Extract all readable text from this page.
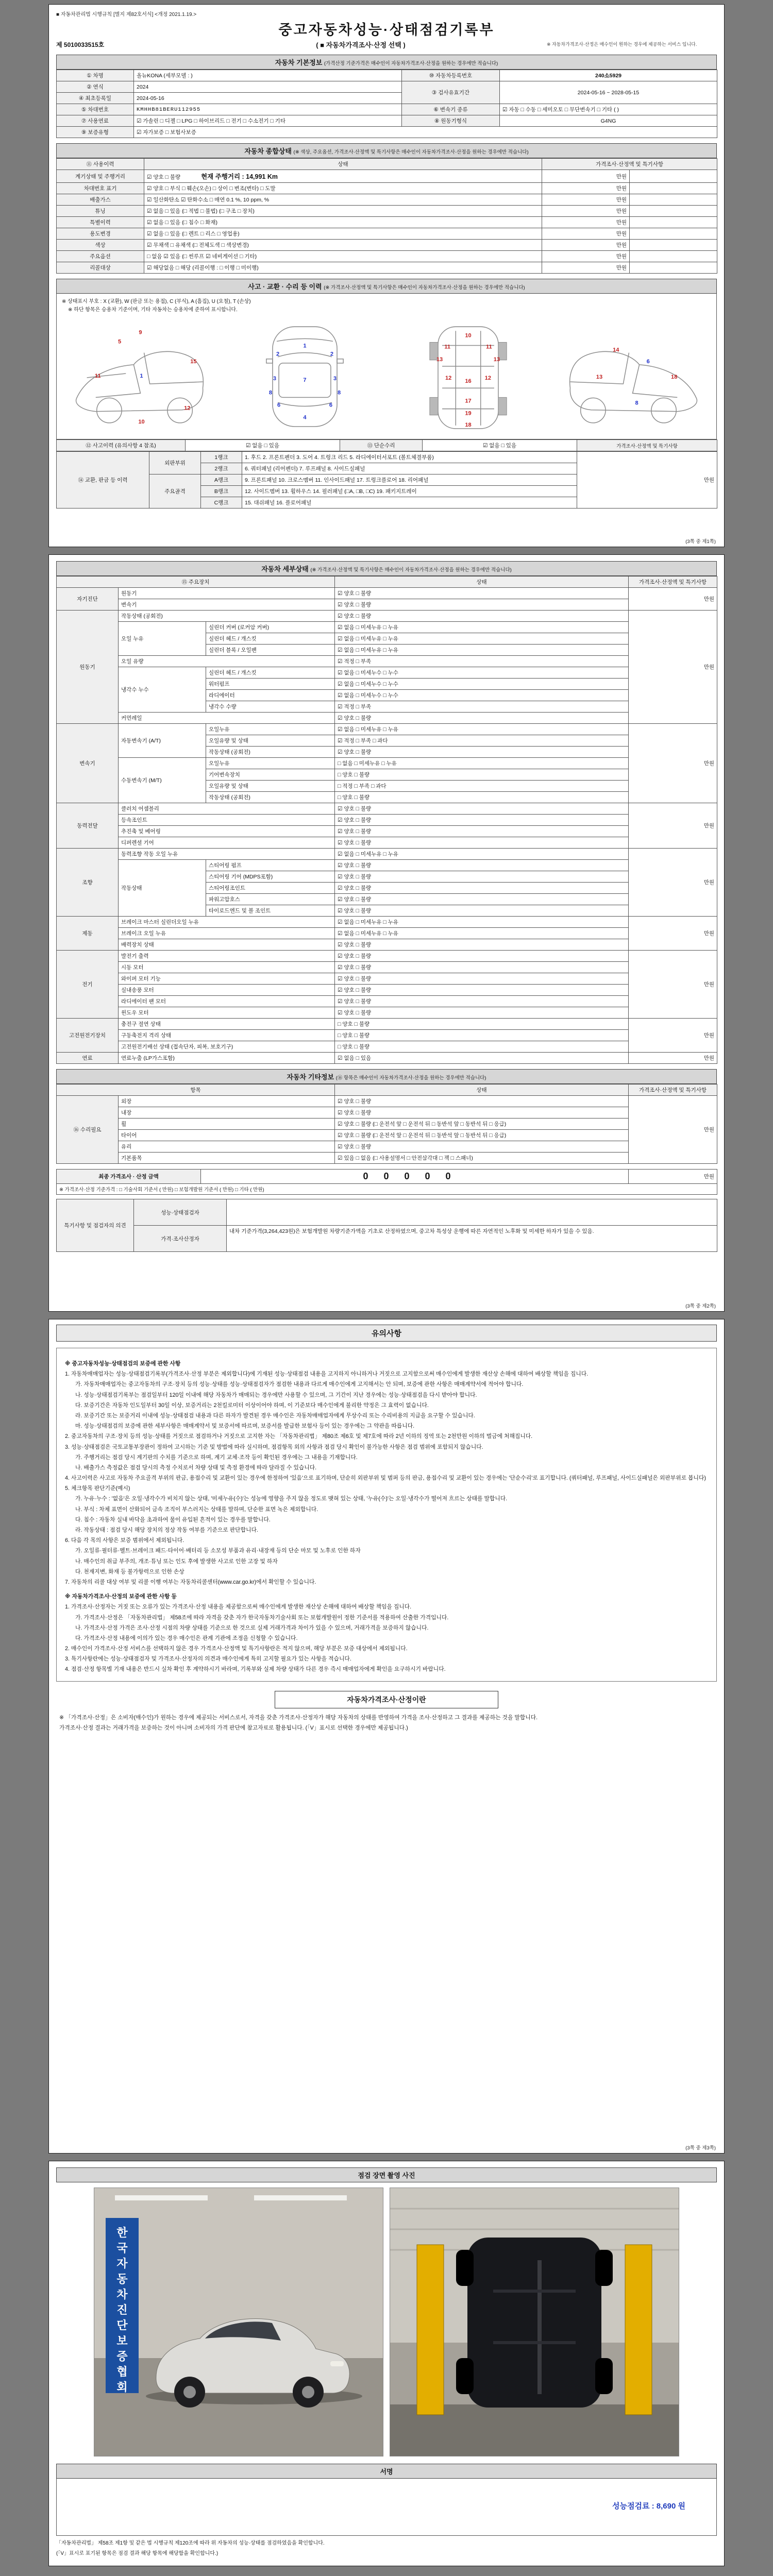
■ 자동차관리법 시행규칙 [별지 제82호서식] <개정 2021.1.19.>
중고자동차성능·상태점검기록부
제 5010033515호	( ■ 자동차가격조사·산정 선택 )	※ 자동차가격조사·산정은 매수인이 원하는 경우에 제공하는 서비스 입니다.
자동차 기본정보 (가격산정 기준가격은 매수인이 자동차가격조사·산정을 원하는 경우에만 적습니다)
① 차명	올뉴KONA (세부모델 : )	⑩ 자동차등록번호	240소5929
② 연식	2024	③ 검사유효기간	2024-05-16 ~ 2028-05-15
④ 최초등록일	2024-05-16		
⑤ 차대번호	KMHHB81BERU112955	⑥ 변속기 종류	☑ 자동 □ 수동 □ 세미오토 □ 무단변속기 □ 기타 ( )
⑦ 사용연료	☑ 가솔린 □ 디젤 □ LPG □ 하이브리드 □ 전기 □ 수소전기 □ 기타	⑧ 원동기형식	G4NG
⑨ 보증유형	☑ 자가보증 □ 보험사보증		
자동차 종합상태 (※ 색상, 주요옵션, 가격조사·산정액 및 특기사항은 매수인이 자동차가격조사·산정을 원하는 경우에만 적습니다)
⑪ 사용이력	상태	가격조사·산정액 및 특기사항	
계기상태 및 주행거리	☑ 양호 □ 불량 현재 주행거리 : 14,991 Km	만원	
차대번호 표기	☑ 양호 □ 부식 □ 훼손(오손) □ 상이 □ 변조(변타) □ 도말	만원	
배출가스	☑ 일산화탄소 ☑ 탄화수소 □ 매연 0.1 %, 10 ppm, %	만원	
튜닝	☑ 없음 □ 있음 (□ 적법 □ 불법) (□ 구조 □ 장치)	만원	
특별이력	☑ 없음 □ 있음 (□ 침수 □ 화재)	만원	
용도변경	☑ 없음 □ 있음 (□ 렌트 □ 리스 □ 영업용)	만원	
색상	☑ 무채색 □ 유채색 (□ 전체도색 □ 색상변경)	만원	
주요옵션	□ 없음 ☑ 있음 (□ 썬루프 ☑ 네비게이션 □ 기타)	만원	
리콜대상	☑ 해당없음 □ 해당 (리콜이행 : □ 이행 □ 미이행)	만원	
사고 · 교환 · 수리 등 이력 (※ 가격조사·산정액 및 특기사항은 매수인이 자동차가격조사·산정을 원하는 경우에만 적습니다)
※ 상태표시 부호 : X (교환), W (판금 또는 용접), C (부식), A (흠집), U (요철), T (손상)
※ 하단 항목은 승용차 기준이며, 기타 자동차는 승용차에 준하여 표시합니다.
9
5
11	1
15
10
12
1
2	2
3	3
7
8	8
6	6
4
10
11	11
13	13
12	12
16
17
19
18
14
13
6
18
8
⑫ 사고이력 (유의사항 4 참조)	☑ 없음 □ 있음	⑬ 단순수리	☑ 없음 □ 있음	가격조사·산정액 및 특기사항
⑭ 교환, 판금 등 이력	외판부위	1랭크	1. 후드 2. 프론트펜더 3. 도어 4. 트렁크 리드 5. 라디에이터서포트 (볼트체결부품)	만원
		2랭크	6. 쿼터패널 (리어펜더) 7. 루프패널 8. 사이드실패널	
	주요골격	A랭크	9. 프론트패널 10. 크로스멤버 11. 인사이드패널 17. 트렁크플로어 18. 리어패널	
		B랭크	12. 사이드멤버 13. 휠하우스 14. 필러패널 (□A, □B, □C) 19. 패키지트레이	
		C랭크	15. 대쉬패널 16. 플로어패널	
(3쪽 중 제1쪽)
자동차 세부상태 (※ 가격조사·산정액 및 특기사항은 매수인이 자동차가격조사·산정을 원하는 경우에만 적습니다)
⑮ 주요장치			상태	가격조사·산정액 및 특기사항
자기진단	원동기		☑ 양호 □ 불량	만원
	변속기		☑ 양호 □ 불량	
원동기	작동상태 (공회전)		☑ 양호 □ 불량	만원
	오일 누유	실린더 커버 (로커암 커버)	☑ 없음 □ 미세누유 □ 누유	
		실린더 헤드 / 개스킷	☑ 없음 □ 미세누유 □ 누유	
		실린더 블록 / 오일팬	☑ 없음 □ 미세누유 □ 누유	
	오일 유량		☑ 적정 □ 부족	
	냉각수 누수	실린더 헤드 / 개스킷	☑ 없음 □ 미세누수 □ 누수	
		워터펌프	☑ 없음 □ 미세누수 □ 누수	
		라디에이터	☑ 없음 □ 미세누수 □ 누수	
		냉각수 수량	☑ 적정 □ 부족	
	커먼레일		☑ 양호 □ 불량	
변속기	자동변속기 (A/T)	오일누유	☑ 없음 □ 미세누유 □ 누유	만원
		오일유량 및 상태	☑ 적정 □ 부족 □ 과다	
		작동상태 (공회전)	☑ 양호 □ 불량	
	수동변속기 (M/T)	오일누유	□ 없음 □ 미세누유 □ 누유	
		기어변속장치	□ 양호 □ 불량	
		오일유량 및 상태	□ 적정 □ 부족 □ 과다	
		작동상태 (공회전)	□ 양호 □ 불량	
동력전달	클러치 어셈블리		☑ 양호 □ 불량	만원
	등속조인트		☑ 양호 □ 불량	
	추진축 및 베어링		☑ 양호 □ 불량	
	디퍼렌셜 기어		☑ 양호 □ 불량	
조향	동력조향 작동 오일 누유		☑ 없음 □ 미세누유 □ 누유	만원
	작동상태	스티어링 펌프	☑ 양호 □ 불량	
		스티어링 기어 (MDPS포함)	☑ 양호 □ 불량	
		스티어링조인트	☑ 양호 □ 불량	
		파워고압호스	☑ 양호 □ 불량	
		타이로드엔드 및 볼 조인트	☑ 양호 □ 불량	
제동	브레이크 마스터 실린더오일 누유		☑ 없음 □ 미세누유 □ 누유	만원
	브레이크 오일 누유		☑ 없음 □ 미세누유 □ 누유	
	배력장치 상태		☑ 양호 □ 불량	
전기	발전기 출력		☑ 양호 □ 불량	만원
	시동 모터		☑ 양호 □ 불량	
	와이퍼 모터 기능		☑ 양호 □ 불량	
	실내송풍 모터		☑ 양호 □ 불량	
	라디에이터 팬 모터		☑ 양호 □ 불량	
	윈도우 모터		☑ 양호 □ 불량	
고전원전기장치	충전구 절연 상태		□ 양호 □ 불량	만원
	구동축전지 격리 상태		□ 양호 □ 불량	
	고전원전기배선 상태 (접속단자, 피복, 보호기구)		□ 양호 □ 불량	
연료	연료누출 (LP가스포함)		☑ 없음 □ 있음	만원
자동차 기타정보 (⑯ 항목은 매수인이 자동차가격조사·산정을 원하는 경우에만 적습니다)
항목		상태	가격조사·산정액 및 특기사항
⑯ 수리필요	외장	☑ 양호 □ 불량	만원
	내장	☑ 양호 □ 불량	
	휠	☑ 양호 □ 불량 (□ 운전석 앞 □ 운전석 뒤 □ 동반석 앞 □ 동반석 뒤 □ 응급)	
	타이어	☑ 양호 □ 불량 (□ 운전석 앞 □ 운전석 뒤 □ 동반석 앞 □ 동반석 뒤 □ 응급)	
	유리	☑ 양호 □ 불량	
	기본품목	☑ 있음 □ 없음 (□ 사용설명서 □ 안전삼각대 □ 잭 □ 스패너)	
최종 가격조사 · 산정 금액	00000	만원
※ 가격조사·산정 기준가격 : □ 기술사회 기준서 ( 만원) □ 보험개발원 기준서 ( 만원) □ 기타 ( 만원)
특기사항 및 점검자의 의견	성능·상태점검자	
	가격·조사산정자	내차 기준가격(3,264,423원)은 보험개발원 차량기준가액을 기초로 산정하였으며, 중고차 특성상 운행에 따른 자연적인 노후화 및 미세한 하자가 있을 수 있음.
(3쪽 중 제2쪽)
유의사항
※ 중고자동차성능·상태점검의 보증에 관한 사항
1. 자동차매매업자는 성능·상태점검기록부(가격조사·산정 부분은 제외합니다)에 기재된 성능·상태점검 내용을 고지하지 아니하거나 거짓으로 고지함으로써 매수인에게 발생한 재산상 손해에 대하여 배상할 책임을 집니다.
가. 자동차매매업자는 중고자동차의 구조·장치 등의 성능·상태를 성능·상태점검자가 점검한 내용과 다르게 매수인에게 고지해서는 안 되며, 보증에 관한 사항은 매매계약서에 적어야 합니다.
나. 성능·상태점검기록부는 점검일부터 120일 이내에 해당 자동차가 매매되는 경우에만 사용할 수 있으며, 그 기간이 지난 경우에는 성능·상태점검을 다시 받아야 합니다.
다. 보증기간은 자동차 인도일부터 30일 이상, 보증거리는 2천킬로미터 이상이어야 하며, 이 기준보다 매수인에게 불리한 약정은 그 효력이 없습니다.
라. 보증기간 또는 보증거리 이내에 성능·상태점검 내용과 다른 하자가 발견된 경우 매수인은 자동차매매업자에게 무상수리 또는 수리비용의 지급을 요구할 수 있습니다.
마. 성능·상태점검의 보증에 관한 세부사항은 매매계약서 및 보증서에 따르며, 보증서를 발급한 보험사 등이 있는 경우에는 그 약관을 따릅니다.
2. 중고자동차의 구조·장치 등의 성능·상태를 거짓으로 점검하거나 거짓으로 고지한 자는 「자동차관리법」 제80조 제6호 및 제7호에 따라 2년 이하의 징역 또는 2천만원 이하의 벌금에 처해집니다.
3. 성능·상태점검은 국토교통부장관이 정하여 고시하는 기준 및 방법에 따라 실시하며, 점검항목 외의 사항과 점검 당시 확인이 불가능한 사항은 점검 범위에 포함되지 않습니다.
가. 주행거리는 점검 당시 계기판의 수치를 기준으로 하며, 계기 교체·조작 등이 확인된 경우에는 그 내용을 기재합니다.
나. 배출가스 측정값은 점검 당시의 측정 수치로서 차량 상태 및 측정 환경에 따라 달라질 수 있습니다.
4. 사고이력은 사고로 자동차 주요골격 부위의 판금, 용접수리 및 교환이 있는 경우에 한정하여 '있음'으로 표기하며, 단순히 외판부위 및 범퍼 등의 판금, 용접수리 및 교환이 있는 경우에는 '단순수리'로 표기합니다. (쿼터패널, 루프패널, 사이드실패널은 외판부위로 봅니다)
5. 체크항목 판단기준(예시)
가. 누유·누수 : '없음'은 오일·냉각수가 비치지 않는 상태, '미세누유(수)'는 성능에 영향을 주지 않을 정도로 맺혀 있는 상태, '누유(수)'는 오일·냉각수가 떨어져 흐르는 상태를 말합니다.
나. 부식 : 차체 표면이 산화되어 금속 조직이 부스러지는 상태를 말하며, 단순한 표면 녹은 제외합니다.
다. 침수 : 자동차 실내 바닥을 초과하여 물이 유입된 흔적이 있는 경우를 말합니다.
라. 작동상태 : 점검 당시 해당 장치의 정상 작동 여부를 기준으로 판단합니다.
6. 다음 각 목의 사항은 보증 범위에서 제외됩니다.
가. 오일류·필터류·벨트·브레이크 패드·타이어·배터리 등 소모성 부품과 유리·내장재 등의 단순 마모 및 노후로 인한 하자
나. 매수인의 취급 부주의, 개조·튜닝 또는 인도 후에 발생한 사고로 인한 고장 및 하자
다. 천재지변, 화재 등 불가항력으로 인한 손상
7. 자동차의 리콜 대상 여부 및 리콜 이행 여부는 자동차리콜센터(www.car.go.kr)에서 확인할 수 있습니다.
※ 자동차가격조사·산정의 보증에 관한 사항 등
1. 가격조사·산정자는 거짓 또는 오류가 있는 가격조사·산정 내용을 제공함으로써 매수인에게 발생한 재산상 손해에 대하여 배상할 책임을 집니다.
가. 가격조사·산정은 「자동차관리법」 제58조에 따라 자격을 갖춘 자가 한국자동차기술사회 또는 보험개발원이 정한 기준서를 적용하여 산출한 가격입니다.
나. 가격조사·산정 가격은 조사·산정 시점의 차량 상태를 기준으로 한 것으로 실제 거래가격과 차이가 있을 수 있으며, 거래가격을 보증하지 않습니다.
다. 가격조사·산정 내용에 이의가 있는 경우 매수인은 관계 기관에 조정을 신청할 수 있습니다.
2. 매수인이 가격조사·산정 서비스를 선택하지 않은 경우 가격조사·산정액 및 특기사항란은 적지 않으며, 해당 부분은 보증 대상에서 제외됩니다.
3. 특기사항란에는 성능·상태점검자 및 가격조사·산정자의 의견과 매수인에게 특히 고지할 필요가 있는 사항을 적습니다.
4. 점검·산정 항목별 기재 내용은 반드시 실차 확인 후 계약하시기 바라며, 기록부와 실제 차량 상태가 다른 경우 즉시 매매업자에게 확인을 요구하시기 바랍니다.
자동차가격조사·산정이란
※ 「가격조사·산정」은 소비자(매수인)가 원하는 경우에 제공되는 서비스로서, 자격을 갖춘 가격조사·산정자가 해당 자동차의 상태를 반영하여 가격을 조사·산정하고 그 결과를 제공하는 것을 말합니다.
가격조사·산정 결과는 거래가격을 보증하는 것이 아니며 소비자의 가격 판단에 참고자료로 활용됩니다. (「V」표시로 선택한 경우에만 제공됩니다.)
(3쪽 중 제3쪽)
점검 장면 촬영 사진
한
국
자
동
차
진
단
보
증
협
회
서명
성능점검료 : 8,690 원
「자동차관리법」 제58조 제1항 및 같은 법 시행규칙 제120조에 따라 위 자동차의 성능·상태를 점검하였음을 확인합니다.
(「V」표시로 표기된 항목은 점검 결과 해당 항목에 해당함을 확인합니다.)
